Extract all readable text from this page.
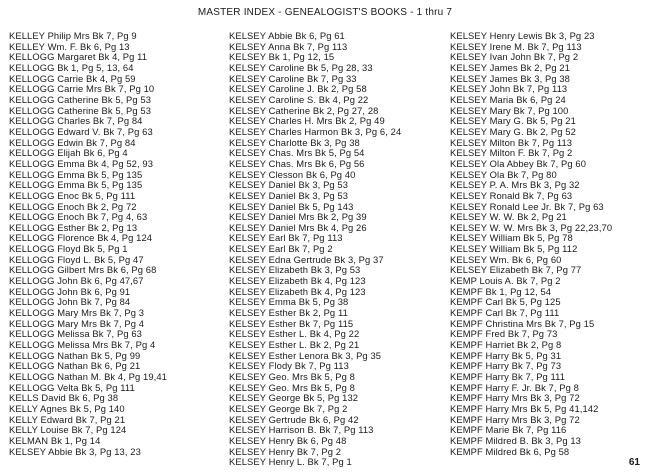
MASTER INDEX - GENEALOGIST'S BOOKS - 1 thru 7
KELLEY Philip Mrs Bk 7, Pg 9
KELLEY Wm. F. Bk 6, Pg 13
KELLOGG Margaret Bk 4, Pg 11
KELLOGG Bk 1, Pg 5, 13, 64
KELLOGG Carrie Bk 4, Pg 59
KELLOGG Carrie Mrs Bk 7, Pg 10
KELLOGG Catherine Bk 5, Pg 53
KELLOGG Catherine Bk 5, Pg 53
KELLOGG Charles Bk 7, Pg 84
KELLOGG Edward V. Bk 7, Pg 63
KELLOGG Edwin Bk 7, Pg 84
KELLOGG Elijah Bk 6, Pg 4
KELLOGG Emma Bk 4, Pg 52, 93
KELLOGG Emma Bk 5, Pg 135
KELLOGG Emma Bk 5, Pg 135
KELLOGG Enoc Bk 5, Pg 111
KELLOGG Enoch Bk 2, Pg 72
KELLOGG Enoch Bk 7, Pg 4, 63
KELLOGG Esther Bk 2, Pg 13
KELLOGG Florence Bk 4, Pg 124
KELLOGG Floyd Bk 5, Pg 1
KELLOGG Floyd L. Bk 5, Pg 47
KELLOGG Gilbert Mrs Bk 6, Pg 68
KELLOGG John Bk 6, Pg 47,67
KELLOGG John Bk 6, Pg 91
KELLOGG John Bk 7, Pg 84
KELLOGG Mary Mrs Bk 7, Pg 3
KELLOGG Mary Mrs Bk 7, Pg 4
KELLOGG Melissa Bk 7, Pg 63
KELLOGG Melissa Mrs Bk 7, Pg 4
KELLOGG Nathan Bk 5, Pg 99
KELLOGG Nathan Bk 6, Pg 21
KELLOGG Nathan M. Bk 4, Pg 19,41
KELLOGG Velta Bk 5, Pg 111
KELLS David Bk 6, Pg 38
KELLY Agnes Bk 5, Pg 140
KELLY Edward Bk 7, Pg 21
KELLY Louise Bk 7, Pg 124
KELMAN Bk 1, Pg 14
KELSEY Abbie Bk 3, Pg 13, 23
KELSEY Abbie Bk 6, Pg 61
KELSEY Anna Bk 7, Pg 113
KELSEY Bk 1, Pg 12, 15
KELSEY Caroline Bk 5, Pg 28, 33
KELSEY Caroline Bk 7, Pg 33
KELSEY Caroline J. Bk 2, Pg 58
KELSEY Caroline S. Bk 4, Pg 22
KELSEY Catherine Bk 2, Pg 27, 28
KELSEY Charles H. Mrs Bk 2, Pg 49
KELSEY Charles Harmon Bk 3, Pg 6, 24
KELSEY Charlotte Bk 3, Pg 38
KELSEY Chas. Mrs Bk 5, Pg 54
KELSEY Chas. Mrs Bk 6, Pg 56
KELSEY Clesson Bk 6, Pg 40
KELSEY Daniel Bk 3, Pg 53
KELSEY Daniel Bk 3, Pg 53
KELSEY Daniel Bk 5, Pg 143
KELSEY Daniel Mrs Bk 2, Pg 39
KELSEY Daniel Mrs Bk 4, Pg 26
KELSEY Earl Bk 7, Pg 113
KELSEY Earl Bk 7, Pg 2
KELSEY Edna Gertrude Bk 3, Pg 37
KELSEY Elizabeth Bk 3, Pg 53
KELSEY Elizabeth Bk 4, Pg 123
KELSEY Elizabeth Bk 4, Pg 123
KELSEY Emma Bk 5, Pg 38
KELSEY Esther Bk 2, Pg 11
KELSEY Esther Bk 7, Pg 115
KELSEY Esther L. Bk 4, Pg 22
KELSEY Esther L. Bk 2, Pg 21
KELSEY Esther Lenora Bk 3, Pg 35
KELSEY Flody Bk 7, Pg 113
KELSEY Geo. Mrs Bk 5, Pg 8
KELSEY Geo. Mrs Bk 5, Pg 8
KELSEY George Bk 5, Pg 132
KELSEY George Bk 7, Pg 2
KELSEY Gertrude Bk 6, Pg 42
KELSEY Harrison B. Bk 7, Pg 113
KELSEY Henry Bk 6, Pg 48
KELSEY Henry Bk 7, Pg 2
KELSEY Henry L. Bk 7, Pg 1
KELSEY Henry Lewis Bk 3, Pg 23
KELSEY Irene M. Bk 7, Pg 113
KELSEY Ivan John Bk 7, Pg 2
KELSEY James Bk 2, Pg 21
KELSEY James Bk 3, Pg 38
KELSEY John Bk 7, Pg 113
KELSEY Maria Bk 6, Pg 24
KELSEY Mary Bk 7, Pg 100
KELSEY Mary G. Bk 5, Pg 21
KELSEY Mary G. Bk 2, Pg 52
KELSEY Milton Bk 7, Pg 113
KELSEY Milton F. Bk 7, Pg 2
KELSEY Ola Abbey Bk 7, Pg 60
KELSEY Ola Bk 7, Pg 80
KELSEY P. A. Mrs Bk 3, Pg 32
KELSEY Ronald Bk 7, Pg 63
KELSEY Ronald Lee Jr. Bk 7, Pg 63
KELSEY W. W. Bk 2, Pg 21
KELSEY W. W. Mrs Bk 3, Pg 22,23,70
KELSEY William Bk 5, Pg 78
KELSEY William Bk 5, Pg 112
KELSEY Wm. Bk 6, Pg 60
KELSEY Elizabeth Bk 7, Pg 77
KEMP Louis A. Bk 7, Pg 2
KEMPF Bk 1, Pg 12, 54
KEMPF Carl Bk 5, Pg 125
KEMPF Carl Bk 7, Pg 111
KEMPF Christina Mrs Bk 7, Pg 15
KEMPF Fred Bk 7, Pg 73
KEMPF Harriet Bk 2, Pg 8
KEMPF Harry Bk 5, Pg 31
KEMPF Harry Bk 7, Pg 73
KEMPF Harry Bk 7, Pg 111
KEMPF Harry F. Jr. Bk 7, Pg 8
KEMPF Harry Mrs Bk 3, Pg 72
KEMPF Harry Mrs Bk 5, Pg 41,142
KEMPF Harry Mrs Bk 3, Pg 72
KEMPF Marie Bk 7, Pg 116
KEMPF Mildred B. Bk 3, Pg 13
KEMPF Mildred Bk 6, Pg 58
61
